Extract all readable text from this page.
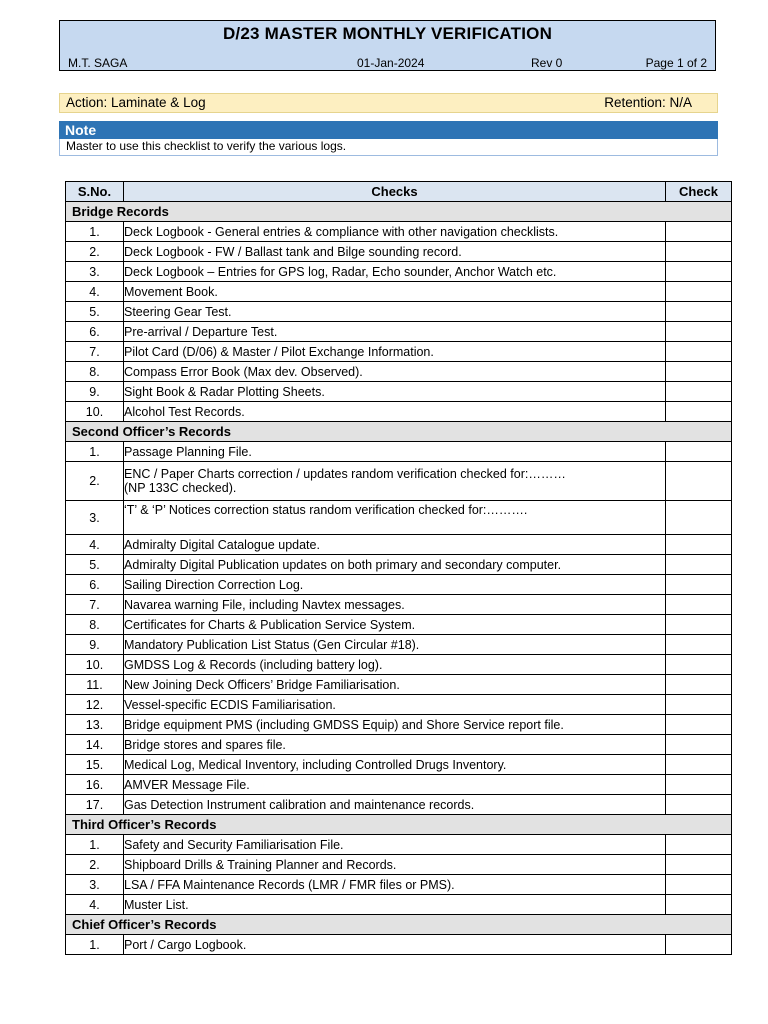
D/23 MASTER MONTHLY VERIFICATION
M.T. SAGA	01-Jan-2024	Rev 0	Page 1 of 2
Action: Laminate & Log	Retention: N/A
Note
Master to use this checklist to verify the various logs.
S.No.	Checks	Check
Bridge Records		
1.	Deck Logbook - General entries & compliance with other navigation checklists.	

2.	Deck Logbook - FW / Ballast tank and Bilge sounding record.	

3.	Deck Logbook – Entries for GPS log, Radar, Echo sounder, Anchor Watch etc.	

4.	Movement Book.	

5.	Steering Gear Test.	

6.	Pre-arrival / Departure Test.	

7.	Pilot Card (D/06) & Master / Pilot Exchange Information.	

8.	Compass Error Book (Max dev. Observed).	

9.	Sight Book & Radar Plotting Sheets.	

10.	Alcohol Test Records.	

Second Officer’s Records		
1.	Passage Planning File.	

2.	ENC / Paper Charts correction / updates random verification checked for:………
(NP 133C checked).	

3.	‘T’ & ‘P’ Notices correction status random verification checked for:……….	

4.	Admiralty Digital Catalogue update.	

5.	Admiralty Digital Publication updates on both primary and secondary computer.	

6.	Sailing Direction Correction Log.	

7.	Navarea warning File, including Navtex messages.	

8.	Certificates for Charts & Publication Service System.	

9.	Mandatory Publication List Status (Gen Circular #18).	

10.	GMDSS Log & Records (including battery log).	

11.	New Joining Deck Officers’ Bridge Familiarisation.	

12.	Vessel-specific ECDIS Familiarisation.	

13.	Bridge equipment PMS (including GMDSS Equip) and Shore Service report file.	

14.	Bridge stores and spares file.	

15.	Medical Log, Medical Inventory, including Controlled Drugs Inventory.	

16.	AMVER Message File.	

17.	Gas Detection Instrument calibration and maintenance records.	

Third Officer’s Records		
1.	Safety and Security Familiarisation File.	

2.	Shipboard Drills & Training Planner and Records.	

3.	LSA / FFA Maintenance Records (LMR / FMR files or PMS).	

4.	Muster List.	

Chief Officer’s Records		
1.	Port / Cargo Logbook.	
